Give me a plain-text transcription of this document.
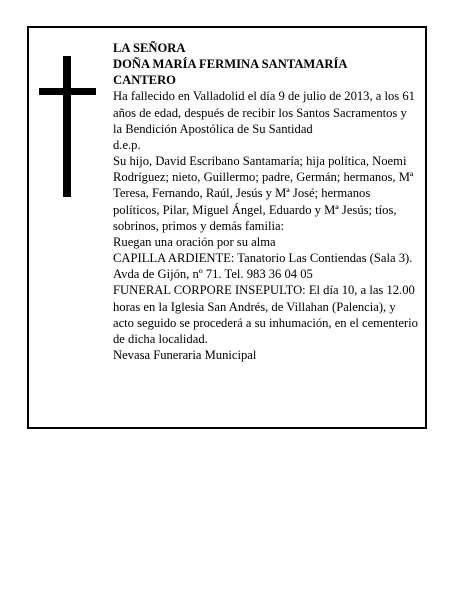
LA SEÑORA

DOÑA MARÍA FERMINA SANTAMARÍA

CANTERO

Ha fallecido en Valladolid el día 9 de julio de 2013, a los 61 años de edad, después de recibir los Santos Sacramentos y la Bendición Apostólica de Su Santidad

d.e.p.

Su hijo, David Escribano Santamaría; hija política, Noemi Rodríguez; nieto, Guillermo; padre, Germán; hermanos, Mª Teresa, Fernando, Raúl, Jesús y Mª José; hermanos políticos, Pilar, Miguel Ángel, Eduardo y Mª Jesús; tíos, sobrinos, primos y demás familia:

Ruegan una oración por su alma

CAPILLA ARDIENTE: Tanatorio Las Contiendas (Sala 3). Avda de Gijón, nº 71. Tel. 983 36 04 05

FUNERAL CORPORE INSEPULTO: El día 10, a las 12.00 horas en la Iglesia San Andrés, de Villahan (Palencia), y acto seguido se procederá a su inhumación, en el cementerio de dicha localidad.

Nevasa Funeraria Municipal
